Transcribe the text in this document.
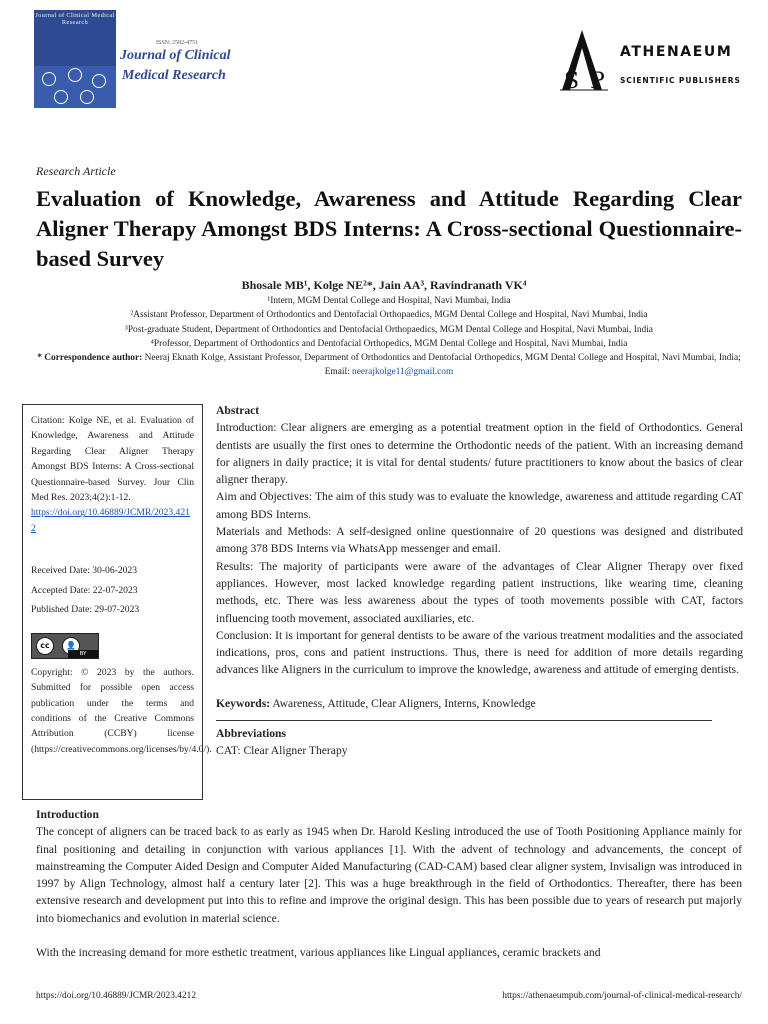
Journal of Clinical Medical Research
ISSN: 2582-4751
Journal of Clinical
Medical Research	S P
ATHENAEUM
SCIENTIFIC PUBLISHERS
Research Article
Evaluation of Knowledge, Awareness and Attitude Regarding Clear Aligner Therapy Amongst BDS Interns: A Cross-sectional Questionnaire-based Survey
Bhosale MB¹, Kolge NE²*, Jain AA³, Ravindranath VK⁴
¹Intern, MGM Dental College and Hospital, Navi Mumbai, India
²Assistant Professor, Department of Orthodontics and Dentofacial Orthopaedics, MGM Dental College and Hospital, Navi Mumbai, India
³Post-graduate Student, Department of Orthodontics and Dentofacial Orthopaedics, MGM Dental College and Hospital, Navi Mumbai, India
⁴Professor, Department of Orthodontics and Dentofacial Orthopedics, MGM Dental College and Hospital, Navi Mumbai, India
* Correspondence author: Neeraj Eknath Kolge, Assistant Professor, Department of Orthodontics and Dentofacial Orthopedics, MGM Dental College and Hospital, Navi Mumbai, India; Email: neerajkolge11@gmail.com
Citation: Kolge NE, et al. Evaluation of Knowledge, Awareness and Attitude Regarding Clear Aligner Therapy Amongst BDS Interns: A Cross-sectional Questionnaire-based Survey. Jour Clin Med Res. 2023;4(2):1-12.
https://doi.org/10.46889/JCMR/2023.4212
Received Date: 30-06-2023
Accepted Date: 22-07-2023
Published Date: 29-07-2023
cc	👤
BY
Copyright: © 2023 by the authors. Submitted for possible open access publication under the terms and conditions of the Creative Commons Attribution (CCBY) license (https://creativecommons.org/licenses/by/4.0/).
Abstract

Introduction: Clear aligners are emerging as a potential treatment option in the field of Orthodontics. General dentists are usually the first ones to determine the Orthodontic needs of the patient. With an increasing demand for aligners in daily practice; it is vital for dental students/ future practitioners to know about the basics of clear aligner therapy.

Aim and Objectives: The aim of this study was to evaluate the knowledge, awareness and attitude regarding CAT among BDS Interns.

Materials and Methods: A self-designed online questionnaire of 20 questions was designed and distributed among 378 BDS Interns via WhatsApp messenger and email.

Results: The majority of participants were aware of the advantages of Clear Aligner Therapy over fixed appliances. However, most lacked knowledge regarding patient instructions, like wearing time, cleaning methods, etc. There was less awareness about the types of tooth movements possible with CAT, factors influencing tooth movement, associated auxiliaries, etc.

Conclusion: It is important for general dentists to be aware of the various treatment modalities and the associated indications, pros, cons and patient instructions. Thus, there is need for addition of more details regarding advances like Aligners in the curriculum to improve the knowledge, awareness and attitude of emerging dentists.

Keywords: Awareness, Attitude, Clear Aligners, Interns, Knowledge
Abbreviations
CAT: Clear Aligner Therapy
Introduction

The concept of aligners can be traced back to as early as 1945 when Dr. Harold Kesling introduced the use of Tooth Positioning Appliance mainly for final positioning and detailing in conjunction with various appliances [1]. With the advent of technology and advancements, the concept of mainstreaming the Computer Aided Design and Computer Aided Manufacturing (CAD-CAM) based clear aligner system, Invisalign was introduced in 1997 by Align Technology, almost half a century later [2]. This was a huge breakthrough in the field of Orthodontics. Thereafter, there has been extensive research and development put into this to refine and improve the original design. This has been possible due to years of research put majorly into biomechanics and evolution in material science.

With the increasing demand for more esthetic treatment, various appliances like Lingual appliances, ceramic brackets and

https://doi.org/10.46889/JCMR/2023.4212	https://athenaeumpub.com/journal-of-clinical-medical-research/
